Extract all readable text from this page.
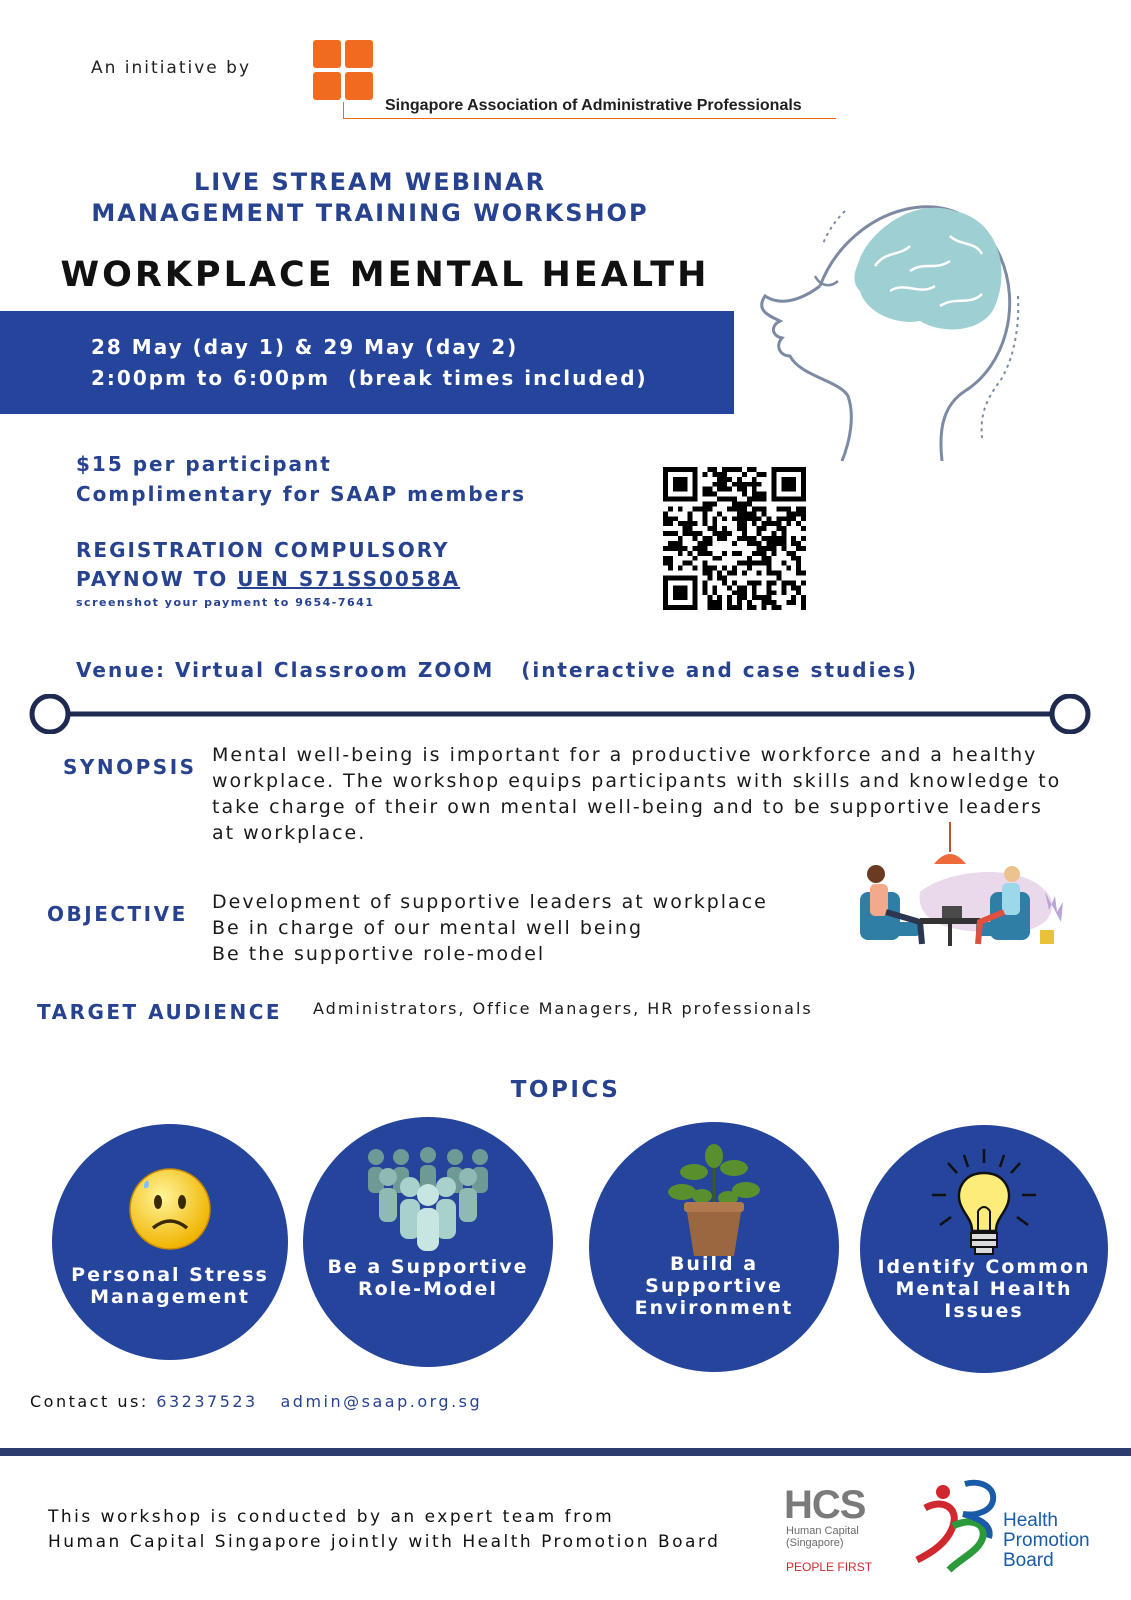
An initiative by
Singapore Association of Administrative Professionals
LIVE STREAM WEBINAR
MANAGEMENT TRAINING WORKSHOP
WORKPLACE MENTAL HEALTH
28 May (day 1) & 29 May (day 2)
2:00pm to 6:00pm  (break times included)
$15 per participant
Complimentary for SAAP members
REGISTRATION COMPULSORY
PAYNOW TO UEN S71SS0058A
screenshot your payment to 9654-7641
Venue: Virtual Classroom ZOOM   (interactive and case studies)
SYNOPSIS Mental well-being is important for a productive workforce and a healthy workplace. The workshop equips participants with skills and knowledge to take charge of their own mental well-being and to be supportive leaders at workplace.
OBJECTIVE Development of supportive leaders at workplace
Be in charge of our mental well being
Be the supportive role-model
TARGET AUDIENCE Administrators, Office Managers, HR professionals
TOPICS
Personal Stress
Management
Be a Supportive
Role-Model
Build a
Supportive
Environment
Identify Common
Mental Health
Issues
Contact us: 63237523 admin@saap.org.sg
This workshop is conducted by an expert team from
Human Capital Singapore jointly with Health Promotion Board
HCS
Human Capital
(Singapore)
PEOPLE FIRST
Health
Promotion
Board
